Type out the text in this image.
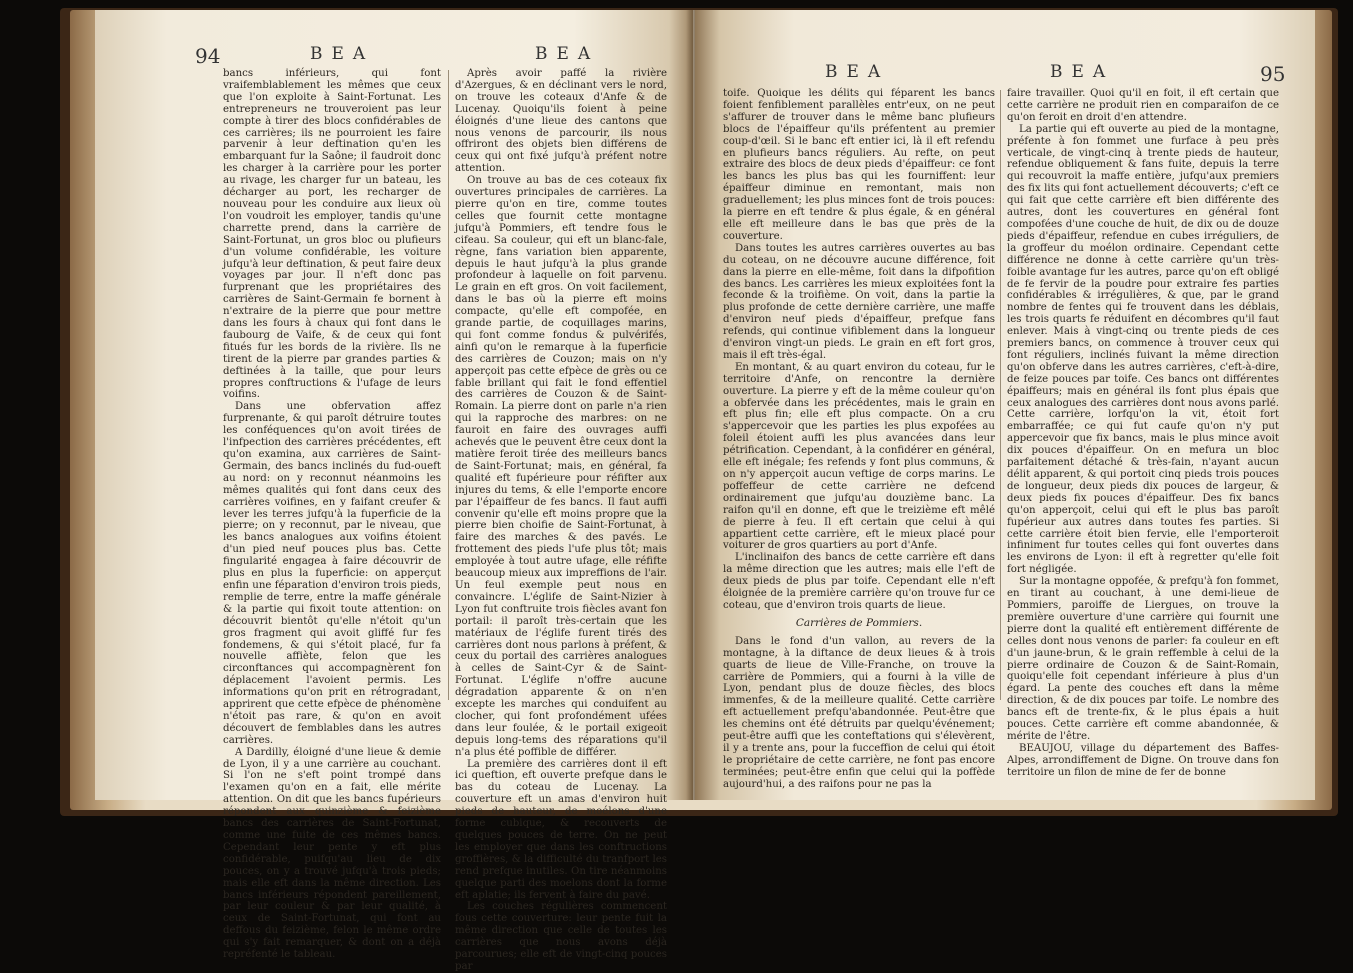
94	BEA	BEA

bancs inférieurs, qui font vraifemblablement les mêmes que ceux que l'on exploite à Saint-Fortunat. Les entrepreneurs ne trouveroient pas leur compte à tirer des blocs confidérables de ces carrières; ils ne pourroient les faire parvenir à leur deftination qu'en les embarquant fur la Saône; il faudroit donc les charger à la carrière pour les porter au rivage, les charger fur un bateau, les décharger au port, les recharger de nouveau pour les conduire aux lieux où l'on voudroit les employer, tandis qu'une charrette prend, dans la carrière de Saint-Fortunat, un gros bloc ou plufieurs d'un volume confidérable, les voiture jufqu'à leur deftination, & peut faire deux voyages par jour. Il n'eft donc pas furprenant que les propriétaires des carrières de Saint-Germain fe bornent à n'extraire de la pierre que pour mettre dans les fours à chaux qui font dans le faubourg de Vaife, & de ceux qui font fitués fur les bords de la rivière. Ils ne tirent de la pierre par grandes parties & deftinées à la taille, que pour leurs propres conftructions & l'ufage de leurs voifins.

Dans une obfervation affez furprenante, & qui paroît détruire toutes les conféquences qu'on avoit tirées de l'infpection des carrières précédentes, eft qu'on examina, aux carrières de Saint-Germain, des bancs inclinés du fud-oueft au nord: on y reconnut néanmoins les mêmes qualités qui font dans ceux des carrières voifines, en y faifant creufer & lever les terres jufqu'à la fuperficie de la pierre; on y reconnut, par le niveau, que les bancs analogues aux voifins étoient d'un pied neuf pouces plus bas. Cette fingularité engagea à faire découvrir de plus en plus la fuperficie: on apperçut enfin une féparation d'environ trois pieds, remplie de terre, entre la maffe générale & la partie qui fixoit toute attention: on découvrit bientôt qu'elle n'étoit qu'un gros fragment qui avoit gliffé fur fes fondemens, & qui s'étoit placé, fur fa nouvelle affiète, felon que les circonftances qui accompagnèrent fon déplacement l'avoient permis. Les informations qu'on prit en rétrogradant, apprirent que cette efpèce de phénomène n'étoit pas rare, & qu'on en avoit découvert de femblables dans les autres carrières.

A Dardilly, éloigné d'une lieue & demie de Lyon, il y a une carrière au couchant. Si l'on ne s'eft point trompé dans l'examen qu'on en a fait, elle mérite attention. On dit que les bancs fupérieurs répondent aux quinzième & feizième bancs des carrières de Saint-Fortunat, comme une fuite de ces mêmes bancs. Cependant leur pente y eft plus confidérable, puifqu'au lieu de dix pouces, on y a trouvé jufqu'à trois pieds; mais elle eft dans la même direction. Les bancs inférieurs répondent pareillement, par leur couleur & par leur qualité, à ceux de Saint-Fortunat, qui font au deffous du feizième, felon le même ordre qui s'y fait remarquer, & dont on a déjà repréfenté le tableau.

Après avoir paffé la rivière d'Azergues, & en déclinant vers le nord, on trouve les coteaux d'Anfe & de Lucenay. Quoiqu'ils foient à peine éloignés d'une lieue des cantons que nous venons de parcourir, ils nous offriront des objets bien différens de ceux qui ont fixé jufqu'à préfent notre attention.

On trouve au bas de ces coteaux fix ouvertures principales de carrières. La pierre qu'on en tire, comme toutes celles que fournit cette montagne jufqu'à Pommiers, eft tendre fous le cifeau. Sa couleur, qui eft un blanc-fale, règne, fans variation bien apparente, depuis le haut jufqu'à la plus grande profondeur à laquelle on foit parvenu. Le grain en eft gros. On voit facilement, dans le bas où la pierre eft moins compacte, qu'elle eft compofée, en grande partie, de coquillages marins, qui font comme fondus & pulvérifés, ainfi qu'on le remarque à la fuperficie des carrières de Couzon; mais on n'y apperçoit pas cette efpèce de grès ou ce fable brillant qui fait le fond effentiel des carrières de Couzon & de Saint-Romain. La pierre dont on parle n'a rien qui la rapproche des marbres: on ne fauroit en faire des ouvrages auffi achevés que le peuvent être ceux dont la matière feroit tirée des meilleurs bancs de Saint-Fortunat; mais, en général, fa qualité eft fupérieure pour réfifter aux injures du tems, & elle l'emporte encore par l'épaiffeur de fes bancs. Il faut auffi convenir qu'elle eft moins propre que la pierre bien choifie de Saint-Fortunat, à faire des marches & des pavés. Le frottement des pieds l'ufe plus tôt; mais employée à tout autre ufage, elle réfifte beaucoup mieux aux impreffions de l'air. Un feul exemple peut nous en convaincre. L'églife de Saint-Nizier à Lyon fut conftruite trois fiècles avant fon portail: il paroît très-certain que les matériaux de l'églife furent tirés des carrières dont nous parlons à préfent, & ceux du portail des carrières analogues à celles de Saint-Cyr & de Saint-Fortunat. L'églife n'offre aucune dégradation apparente & on n'en excepte les marches qui conduifent au clocher, qui font profondément ufées dans leur foulée, & le portail exigeoit depuis long-tems des réparations qu'il n'a plus été poffible de différer.

La première des carrières dont il eft ici queftion, eft ouverte prefque dans le bas du coteau de Lucenay. La couverture eft un amas d'environ huit pieds de hauteur, de moélons d'une forme cubique, & recouverts de quelques pouces de terre. On ne peut les employer que dans les conftructions groffières, & la difficulté du tranfport les rend prefque inutiles. On tire néanmoins quelque parti des moelons dont la forme eft aplatie; ils fervent à faire du pavé.

Les couches régulières commencent fous cette couverture: leur pente fuit la même direction que celle de toutes les carrières que nous avons déjà parcourues; elle eft de vingt-cinq pouces par

BEA	BEA	95

toife. Quoique les délits qui féparent les bancs foient fenfiblement parallèles entr'eux, on ne peut s'affurer de trouver dans le même banc plufieurs blocs de l'épaiffeur qu'ils préfentent au premier coup-d'œil. Si le banc eft entier ici, là il eft refendu en plufieurs bancs réguliers. Au refte, on peut extraire des blocs de deux pieds d'épaiffeur: ce font les bancs les plus bas qui les fourniffent: leur épaiffeur diminue en remontant, mais non graduellement; les plus minces font de trois pouces: la pierre en eft tendre & plus égale, & en général elle eft meilleure dans le bas que près de la couverture.

Dans toutes les autres carrières ouvertes au bas du coteau, on ne découvre aucune différence, foit dans la pierre en elle-même, foit dans la difpofition des bancs. Les carrières les mieux exploitées font la feconde & la troifième. On voit, dans la partie la plus profonde de cette dernière carrière, une maffe d'environ neuf pieds d'épaiffeur, prefque fans refends, qui continue vifiblement dans la longueur d'environ vingt-un pieds. Le grain en eft fort gros, mais il eft très-égal.

En montant, & au quart environ du coteau, fur le territoire d'Anfe, on rencontre la dernière ouverture. La pierre y eft de la même couleur qu'on a obfervée dans les précédentes, mais le grain en eft plus fin; elle eft plus compacte. On a cru s'appercevoir que les parties les plus expofées au foleil étoient auffi les plus avancées dans leur pétrification. Cependant, à la confidérer en général, elle eft inégale; fes refends y font plus communs, & on n'y apperçoit aucun veftige de corps marins. Le poffeffeur de cette carrière ne defcend ordinairement que jufqu'au douzième banc. La raifon qu'il en donne, eft que le treizième eft mêlé de pierre à feu. Il eft certain que celui à qui appartient cette carrière, eft le mieux placé pour voiturer de gros quartiers au port d'Anfe.

L'inclinaifon des bancs de cette carrière eft dans la même direction que les autres; mais elle l'eft de deux pieds de plus par toife. Cependant elle n'eft éloignée de la première carrière qu'on trouve fur ce coteau, que d'environ trois quarts de lieue.

Carrières de Pommiers.

Dans le fond d'un vallon, au revers de la montagne, à la diftance de deux lieues & à trois quarts de lieue de Ville-Franche, on trouve la carrière de Pommiers, qui a fourni à la ville de Lyon, pendant plus de douze fiècles, des blocs immenfes, & de la meilleure qualité. Cette carrière eft actuellement prefqu'abandonnée. Peut-être que les chemins ont été détruits par quelqu'événement; peut-être auffi que les conteftations qui s'élevèrent, il y a trente ans, pour la fucceffion de celui qui étoit le propriétaire de cette carrière, ne font pas encore terminées; peut-être enfin que celui qui la poffède aujourd'hui, a des raifons pour ne pas la

faire travailler. Quoi qu'il en foit, il eft certain que cette carrière ne produit rien en comparaifon de ce qu'on feroit en droit d'en attendre.

La partie qui eft ouverte au pied de la montagne, préfente à fon fommet une furface à peu près verticale, de vingt-cinq à trente pieds de hauteur, refendue obliquement & fans fuite, depuis la terre qui recouvroit la maffe entière, jufqu'aux premiers des fix lits qui font actuellement découverts; c'eft ce qui fait que cette carrière eft bien différente des autres, dont les couvertures en général font compofées d'une couche de huit, de dix ou de douze pieds d'épaiffeur, refendue en cubes irréguliers, de la groffeur du moélon ordinaire. Cependant cette différence ne donne à cette carrière qu'un très-foible avantage fur les autres, parce qu'on eft obligé de fe fervir de la poudre pour extraire fes parties confidérables & irrégulières, & que, par le grand nombre de fentes qui fe trouvent dans les déblais, les trois quarts fe réduifent en décombres qu'il faut enlever. Mais à vingt-cinq ou trente pieds de ces premiers bancs, on commence à trouver ceux qui font réguliers, inclinés fuivant la même direction qu'on obferve dans les autres carrières, c'eft-à-dire, de feize pouces par toife. Ces bancs ont différentes épaiffeurs; mais en général ils font plus épais que ceux analogues des carrières dont nous avons parlé. Cette carrière, lorfqu'on la vit, étoit fort embarraffée; ce qui fut caufe qu'on n'y put appercevoir que fix bancs, mais le plus mince avoit dix pouces d'épaiffeur. On en mefura un bloc parfaitement détaché & très-fain, n'ayant aucun délit apparent, & qui portoit cinq pieds trois pouces de longueur, deux pieds dix pouces de largeur, & deux pieds fix pouces d'épaiffeur. Des fix bancs qu'on apperçoit, celui qui eft le plus bas paroît fupérieur aux autres dans toutes fes parties. Si cette carrière étoit bien fervie, elle l'emporteroit infiniment fur toutes celles qui font ouvertes dans les environs de Lyon: il eft à regretter qu'elle foit fort négligée.

Sur la montagne oppofée, & prefqu'à fon fommet, en tirant au couchant, à une demi-lieue de Pommiers, paroiffe de Liergues, on trouve la première ouverture d'une carrière qui fournit une pierre dont la qualité eft entièrement différente de celles dont nous venons de parler: fa couleur en eft d'un jaune-brun, & le grain reffemble à celui de la pierre ordinaire de Couzon & de Saint-Romain, quoiqu'elle foit cependant inférieure à plus d'un égard. La pente des couches eft dans la même direction, & de dix pouces par toife. Le nombre des bancs eft de trente-fix, & le plus épais a huit pouces. Cette carrière eft comme abandonnée, & mérite de l'être.

BEAUJOU, village du département des Baffes-Alpes, arrondiffement de Digne. On trouve dans fon territoire un filon de mine de fer de bonne
